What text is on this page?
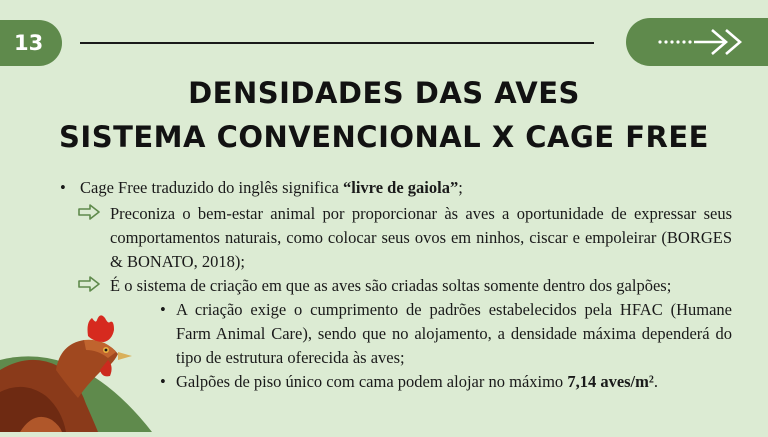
13
DENSIDADES DAS AVES
SISTEMA CONVENCIONAL X CAGE FREE
• Cage Free traduzido do inglês significa “livre de gaiola”;
Preconiza o bem-estar animal por proporcionar às aves a oportunidade de expressar seus comportamentos naturais, como colocar seus ovos em ninhos, ciscar e empoleirar (BORGES & BONATO, 2018);
É o sistema de criação em que as aves são criadas soltas somente dentro dos galpões;
• A criação exige o cumprimento de padrões estabelecidos pela HFAC (Humane Farm Animal Care), sendo que no alojamento, a densidade máxima dependerá do tipo de estrutura oferecida às aves;
• Galpões de piso único com cama podem alojar no máximo 7,14 aves/m².
